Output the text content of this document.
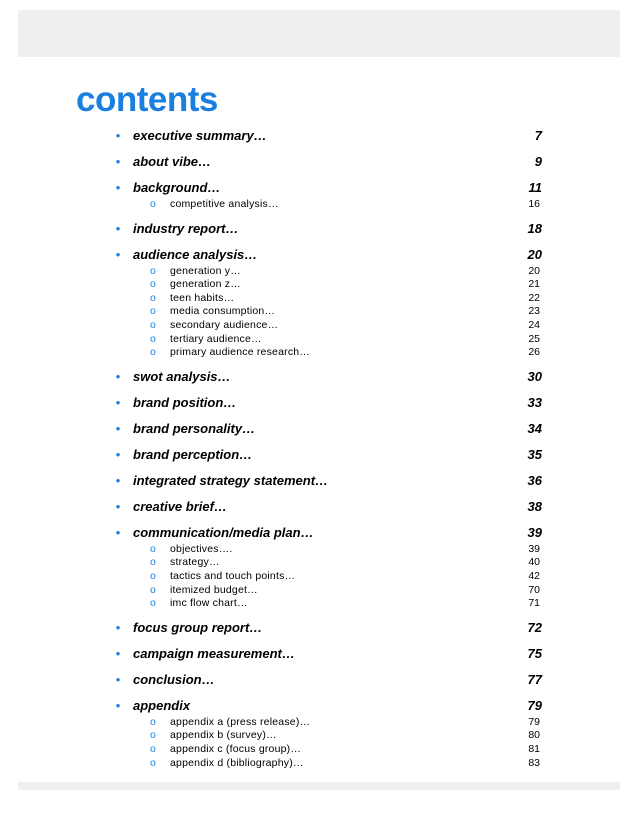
contents
• executive summary…	7
• about vibe…	9
• background…	11
o competitive analysis…	16
• industry report…	18
• audience analysis…	20
o generation y…	20
o generation z…	21
o teen habits…	22
o media consumption…	23
o secondary audience…	24
o tertiary audience…	25
o primary audience research…	26
• swot analysis…	30
• brand position…	33
• brand personality…	34
• brand perception…	35
• integrated strategy statement…	36
• creative brief…	38
• communication/media plan…	39
o objectives….	39
o strategy…	40
o tactics and touch points…	42
o itemized budget…	70
o imc flow chart…	71
• focus group report…	72
• campaign measurement…	75
• conclusion…	77
• appendix	79
o appendix a (press release)…	79
o appendix b (survey)…	80
o appendix c (focus group)…	81
o appendix d (bibliography)…	83
